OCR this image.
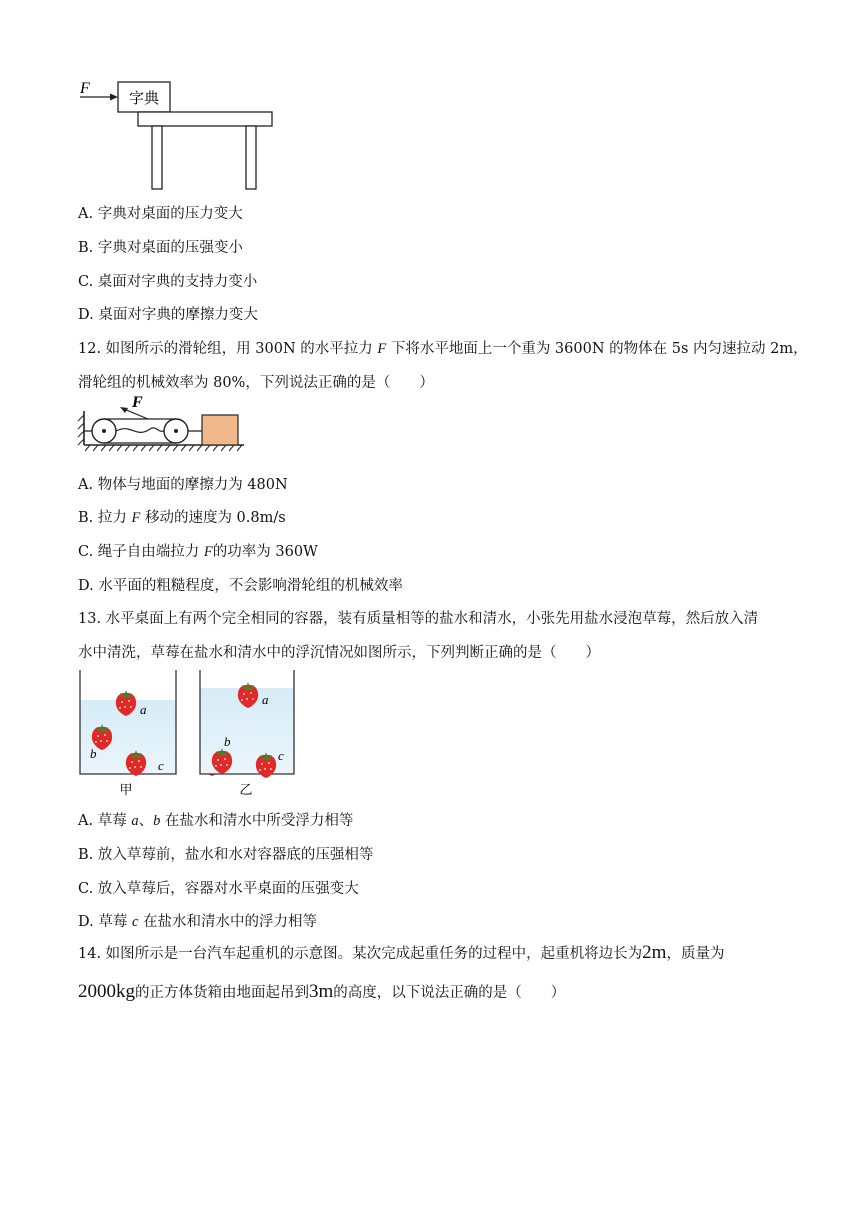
F
字典
A. 字典对桌面的压力变大
B. 字典对桌面的压强变小
C. 桌面对字典的支持力变小
D. 桌面对字典的摩擦力变大
12. 如图所示的滑轮组，用 300N 的水平拉力 F 下将水平地面上一个重为 3600N 的物体在 5s 内匀速拉动 2m，
滑轮组的机械效率为 80%，下列说法正确的是（　　）
F
A. 物体与地面的摩擦力为 480N
B. 拉力 F 移动的速度为 0.8m/s
C. 绳子自由端拉力 F的功率为 360W
D. 水平面的粗糙程度，不会影响滑轮组的机械效率
13. 水平桌面上有两个完全相同的容器，装有质量相等的盐水和清水，小张先用盐水浸泡草莓，然后放入清
水中清洗，草莓在盐水和清水中的浮沉情况如图所示，下列判断正确的是（　　）
a
b
c
甲
a
b
c
乙
A. 草莓 a、b 在盐水和清水中所受浮力相等
B. 放入草莓前，盐水和水对容器底的压强相等
C. 放入草莓后，容器对水平桌面的压强变大
D. 草莓 c 在盐水和清水中的浮力相等
14. 如图所示是一台汽车起重机的示意图。某次完成起重任务的过程中，起重机将边长为2m，质量为
2000kg的正方体货箱由地面起吊到3m的高度，以下说法正确的是（　　）
